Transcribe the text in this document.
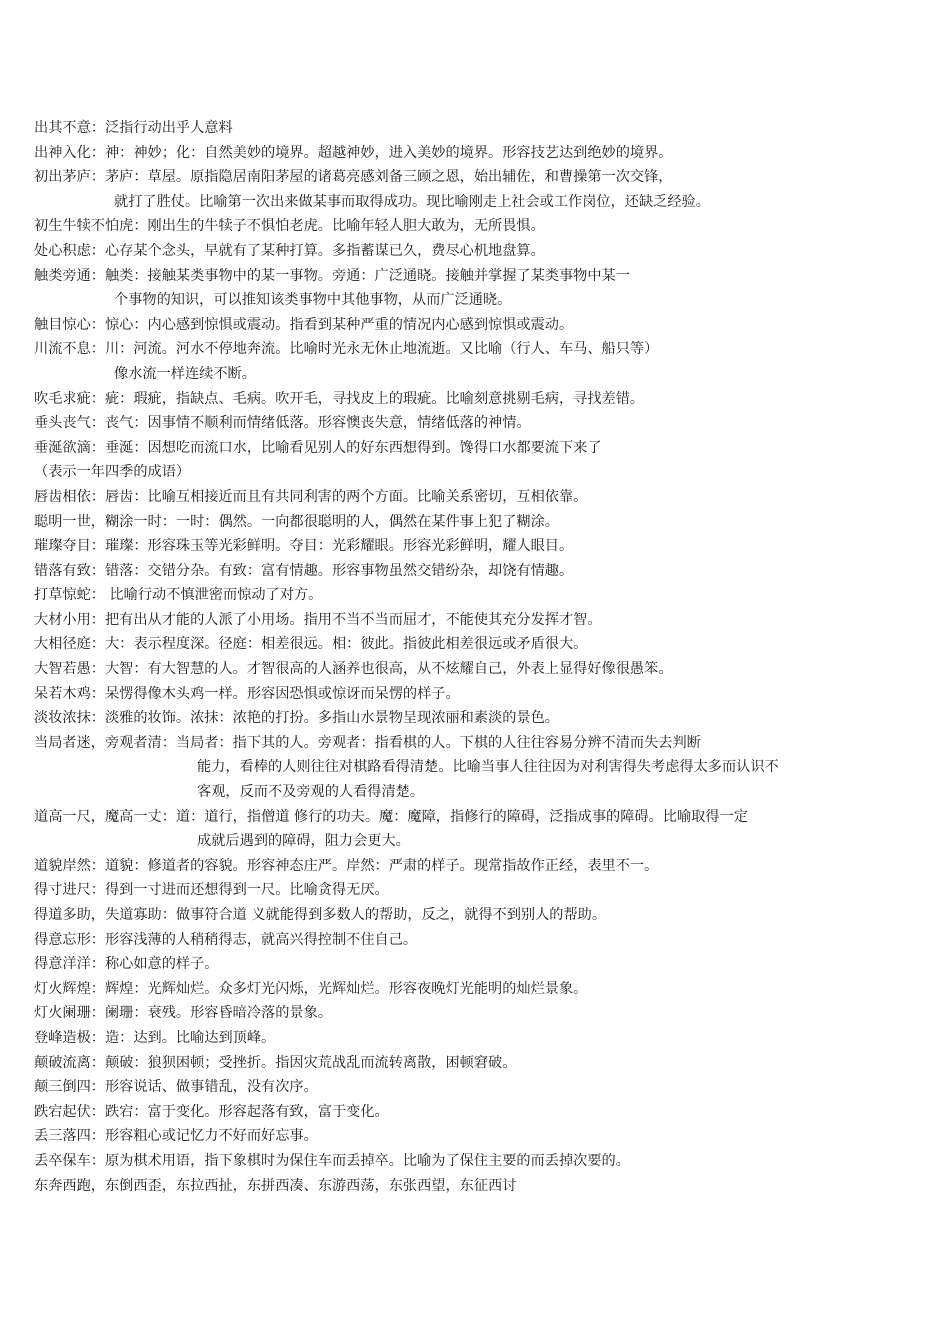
出其不意：泛指行动出乎人意料
出神入化：神：神妙；化：自然美妙的境界。超越神妙，进入美妙的境界。形容技艺达到绝妙的境界。
初出茅庐：茅庐：草屋。原指隐居南阳茅屋的诸葛亮感刘备三顾之恩，始出辅佐，和曹操第一次交锋，
就打了胜仗。比喻第一次出来做某事而取得成功。现比喻刚走上社会或工作岗位，还缺乏经验。
初生牛犊不怕虎：刚出生的牛犊子不惧怕老虎。比喻年轻人胆大敢为，无所畏惧。
处心积虑：心存某个念头，早就有了某种打算。多指蓄谋已久，费尽心机地盘算。
触类旁通：触类：接触某类事物中的某一事物。旁通：广泛通晓。接触并掌握了某类事物中某一
个事物的知识，可以推知该类事物中其他事物，从而广泛通晓。
触目惊心：惊心：内心感到惊惧或震动。指看到某种严重的情况内心感到惊惧或震动。
川流不息：川：河流。河水不停地奔流。比喻时光永无休止地流逝。又比喻（行人、车马、船只等）
像水流一样连续不断。
吹毛求疵：疵：瑕疵，指缺点、毛病。吹开毛，寻找皮上的瑕疵。比喻刻意挑剔毛病，寻找差错。
垂头丧气：丧气：因事情不顺利而情绪低落。形容懊丧失意，情绪低落的神情。
垂涎欲滴：垂涎：因想吃而流口水，比喻看见别人的好东西想得到。馋得口水都要流下来了
（表示一年四季的成语）
唇齿相依：唇齿：比喻互相接近而且有共同利害的两个方面。比喻关系密切，互相依靠。
聪明一世，糊涂一时：一时：偶然。一向都很聪明的人，偶然在某件事上犯了糊涂。
璀璨夺目：璀璨：形容珠玉等光彩鲜明。夺目：光彩耀眼。形容光彩鲜明，耀人眼目。
错落有致：错落：交错分杂。有致：富有情趣。形容事物虽然交错纷杂，却饶有情趣。
打草惊蛇： 比喻行动不慎泄密而惊动了对方。
大材小用：把有出从才能的人派了小用场。指用不当不当而屈才，不能使其充分发挥才智。
大相径庭：大：表示程度深。径庭：相差很远。相：彼此。指彼此相差很远或矛盾很大。
大智若愚：大智：有大智慧的人。才智很高的人涵养也很高，从不炫耀自己，外表上显得好像很愚笨。
呆若木鸡：呆愣得像木头鸡一样。形容因恐惧或惊讶而呆愣的样子。
淡妆浓抹：淡雅的妆饰。浓抹：浓艳的打扮。多指山水景物呈现浓丽和素淡的景色。
当局者迷，旁观者清：当局者：指下其的人。旁观者：指看棋的人。下棋的人往往容易分辨不清而失去判断
能力，看棒的人则往往对棋路看得清楚。比喻当事人往往因为对利害得失考虑得太多而认识不
客观，反而不及旁观的人看得清楚。
道高一尺，魔高一丈：道：道行，指僧道 修行的功夫。魔：魔障，指修行的障碍，泛指成事的障碍。比喻取得一定
成就后遇到的障碍，阻力会更大。
道貌岸然：道貌：修道者的容貌。形容神态庄严。岸然：严肃的样子。现常指故作正经，表里不一。
得寸进尺：得到一寸进而还想得到一尺。比喻贪得无厌。
得道多助，失道寡助：做事符合道 义就能得到多数人的帮助，反之，就得不到别人的帮助。
得意忘形：形容浅薄的人稍稍得志，就高兴得控制不住自己。
得意洋洋：称心如意的样子。
灯火辉煌：辉煌：光辉灿烂。众多灯光闪烁，光辉灿烂。形容夜晚灯光能明的灿烂景象。
灯火阑珊：阑珊：衰残。形容昏暗冷落的景象。
登峰造极：造：达到。比喻达到顶峰。
颠破流离：颠破：狼狈困顿；受挫折。指因灾荒战乱而流转离散，困顿窘破。
颠三倒四：形容说话、做事错乱，没有次序。
跌宕起伏：跌宕：富于变化。形容起落有致，富于变化。
丢三落四：形容粗心或记忆力不好而好忘事。
丢卒保车：原为棋术用语，指下象棋时为保住车而丢掉卒。比喻为了保住主要的而丢掉次要的。
东奔西跑，东倒西歪，东拉西扯，东拼西凑、东游西荡，东张西望，东征西讨
